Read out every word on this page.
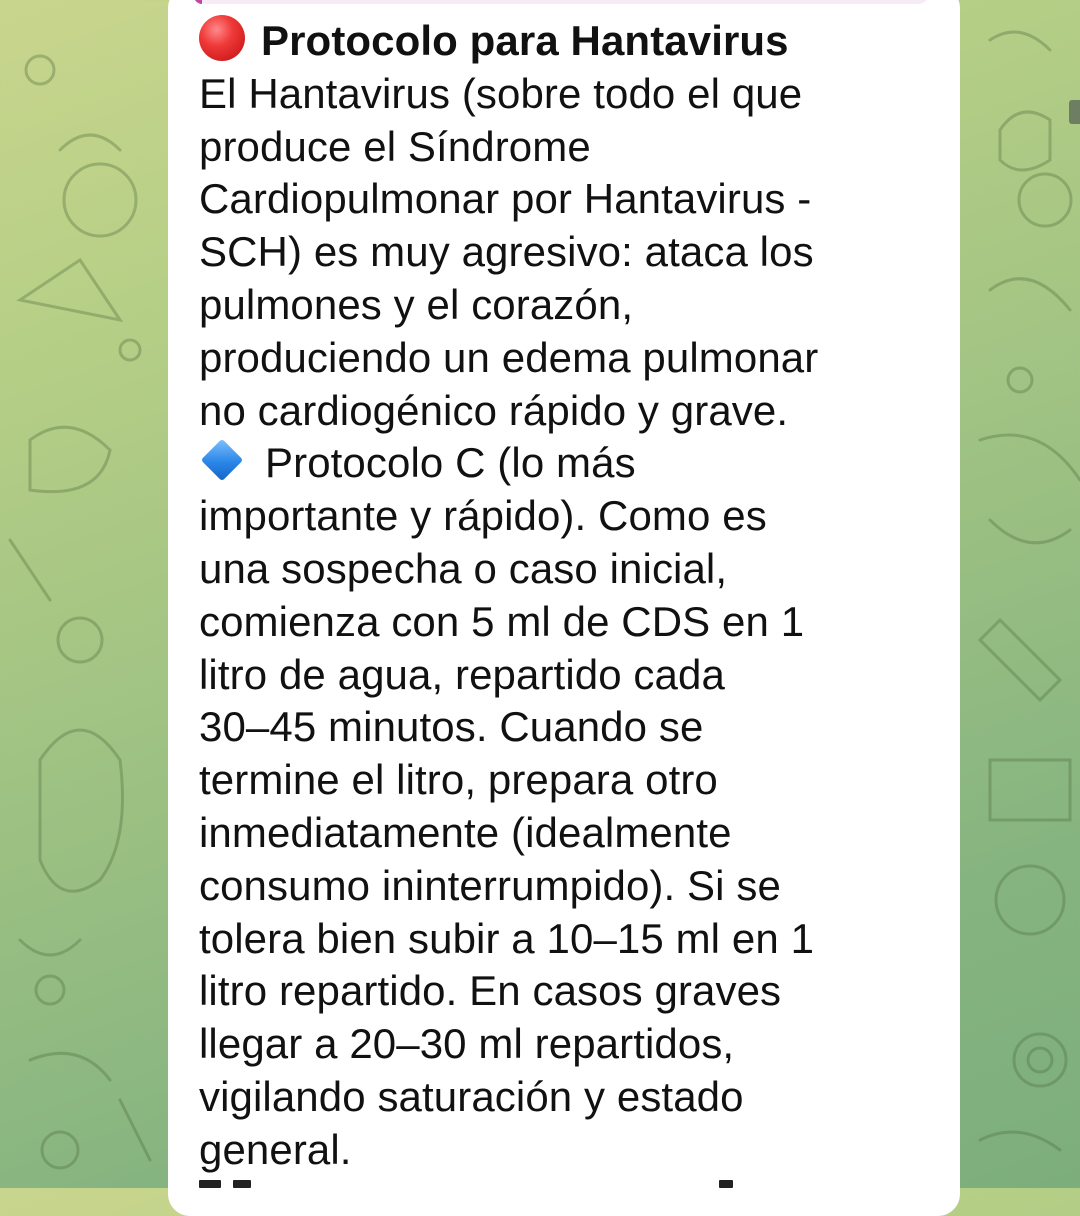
Protocolo para Hantavirus
El Hantavirus (sobre todo el que
produce el Síndrome
Cardiopulmonar por Hantavirus -
SCH) es muy agresivo: ataca los
pulmones y el corazón,
produciendo un edema pulmonar
no cardiogénico rápido y grave.
Protocolo C (lo más
importante y rápido). Como es
una sospecha o caso inicial,
comienza con 5 ml de CDS en 1
litro de agua, repartido cada
30–45 minutos. Cuando se
termine el litro, prepara otro
inmediatamente (idealmente
consumo ininterrumpido). Si se
tolera bien subir a 10–15 ml en 1
litro repartido. En casos graves
llegar a 20–30 ml repartidos,
vigilando saturación y estado
general.
